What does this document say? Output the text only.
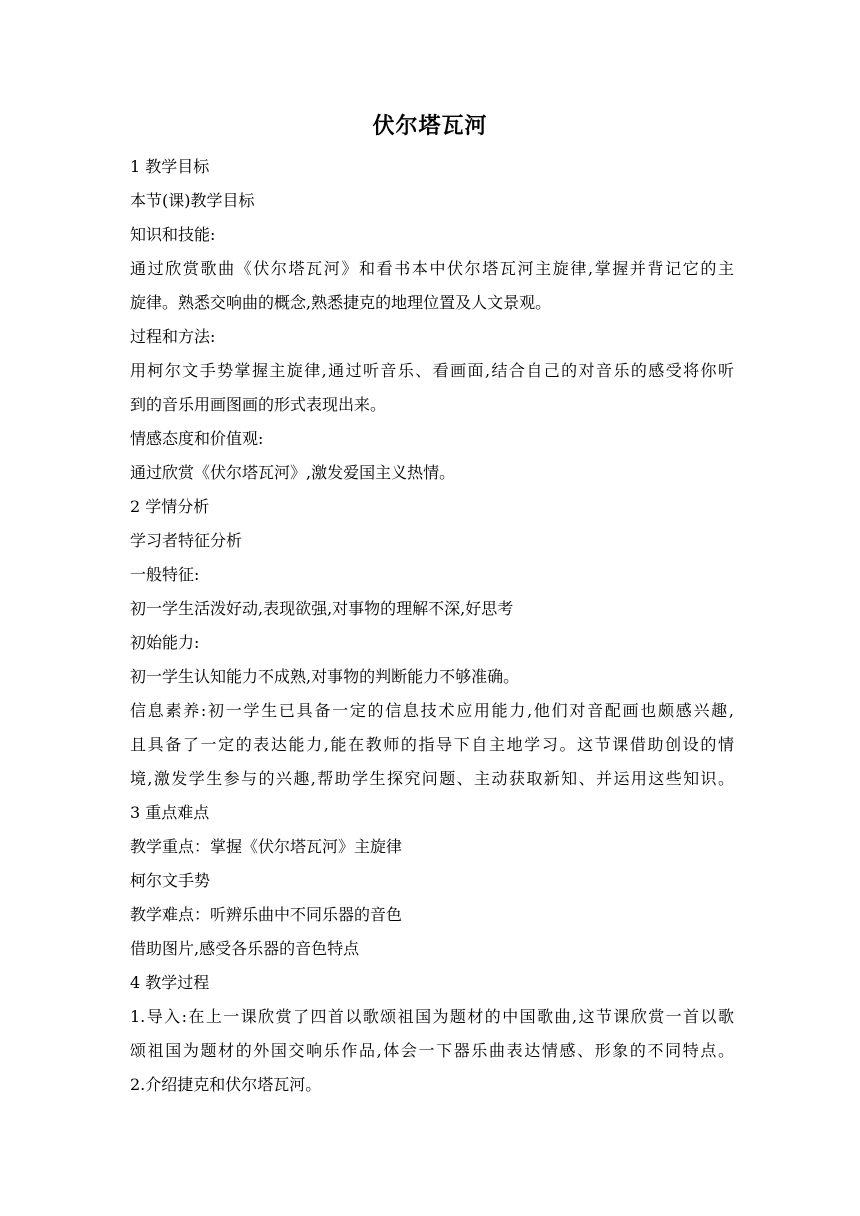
伏尔塔瓦河
1 教学目标
本节(课)教学目标
知识和技能:
通过欣赏歌曲《伏尔塔瓦河》和看书本中伏尔塔瓦河主旋律,掌握并背记它的主
旋律。熟悉交响曲的概念,熟悉捷克的地理位置及人文景观。
过程和方法:
用柯尔文手势掌握主旋律,通过听音乐、看画面,结合自己的对音乐的感受将你听
到的音乐用画图画的形式表现出来。
情感态度和价值观:
通过欣赏《伏尔塔瓦河》,激发爱国主义热情。
2 学情分析
学习者特征分析
一般特征:
初一学生活泼好动,表现欲强,对事物的理解不深,好思考
初始能力:
初一学生认知能力不成熟,对事物的判断能力不够准确。
信息素养:初一学生已具备一定的信息技术应用能力,他们对音配画也颇感兴趣,
且具备了一定的表达能力,能在教师的指导下自主地学习。这节课借助创设的情
境,激发学生参与的兴趣,帮助学生探究问题、主动获取新知、并运用这些知识。
3 重点难点
教学重点：掌握《伏尔塔瓦河》主旋律
柯尔文手势
教学难点：听辨乐曲中不同乐器的音色
借助图片,感受各乐器的音色特点
4 教学过程
1.导入:在上一课欣赏了四首以歌颂祖国为题材的中国歌曲,这节课欣赏一首以歌
颂祖国为题材的外国交响乐作品,体会一下器乐曲表达情感、形象的不同特点。
2.介绍捷克和伏尔塔瓦河。
